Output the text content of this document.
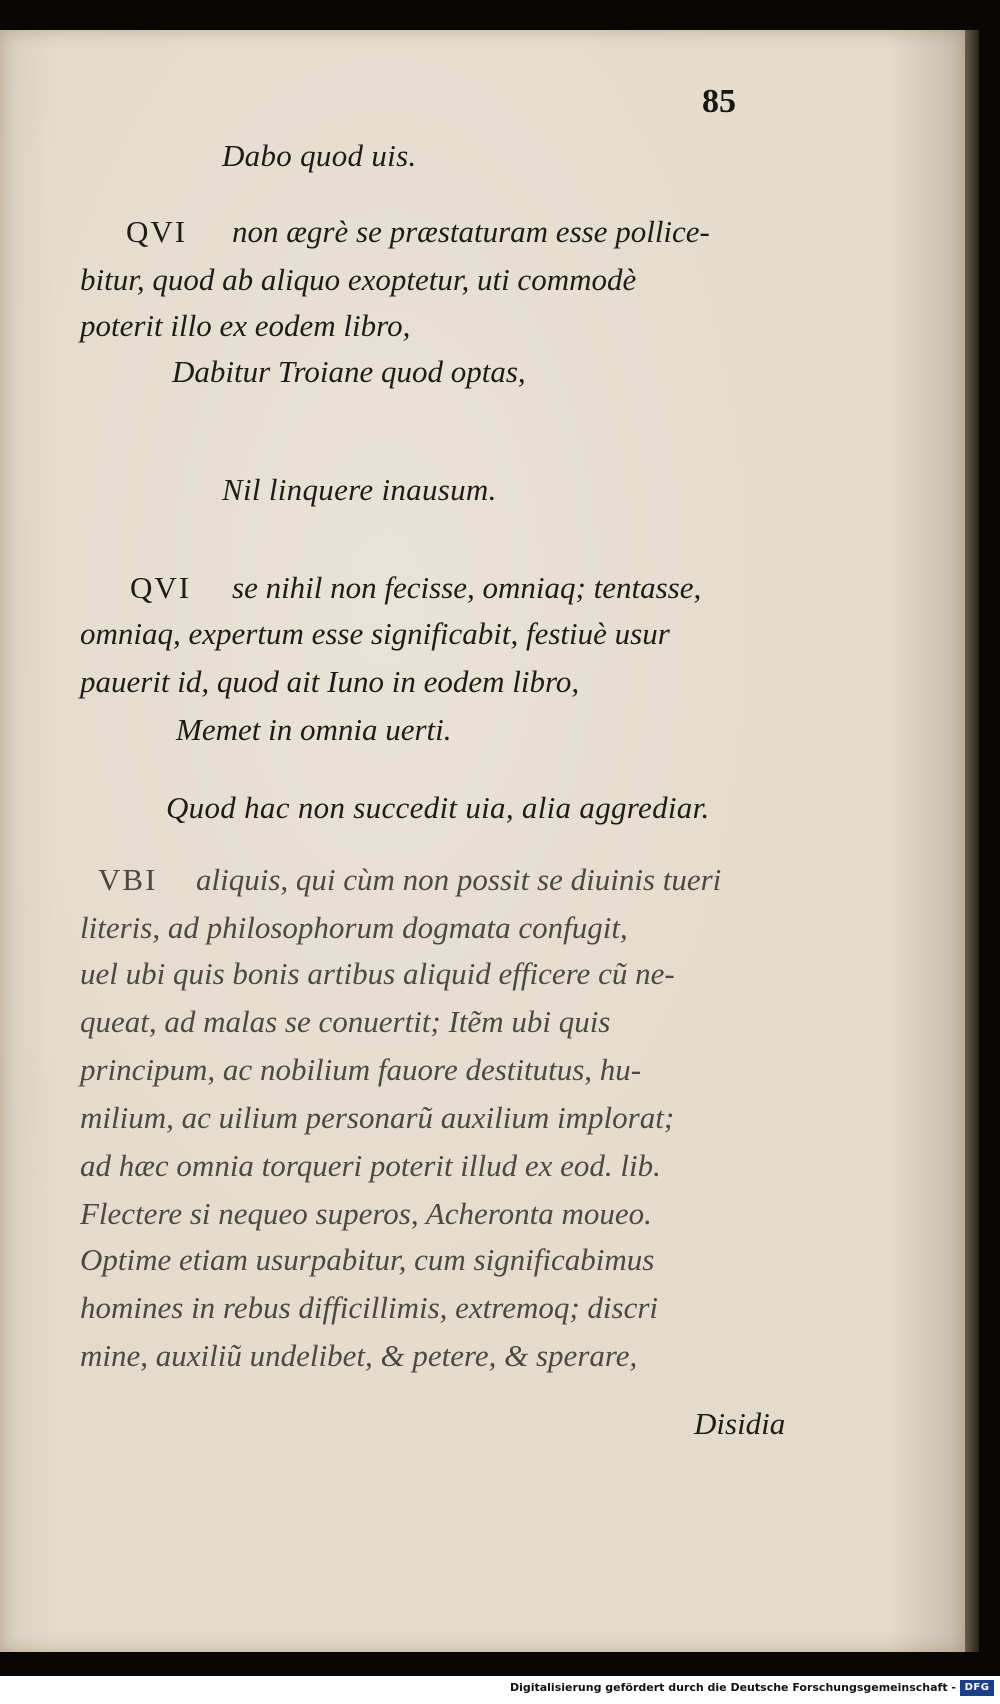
85
Dabo quod uis.
QVI non ægrè se præstaturam esse pollice-
bitur, quod ab aliquo exoptetur, uti commodè
poterit illo ex eodem libro,
Dabitur Troiane quod optas,
Nil linquere inausum.
QVI se nihil non fecisse, omniaq; tentasse,
omniaq, expertum esse significabit, festiuè usur
pauerit id, quod ait Iuno in eodem libro,
Memet in omnia uerti.
Quod hac non succedit uia, alia aggrediar.
VBI aliquis, qui cùm non possit se diuinis tueri
literis, ad philosophorum dogmata confugit,
uel ubi quis bonis artibus aliquid efficere cũ ne-
queat, ad malas se conuertit; Itẽm ubi quis
principum, ac nobilium fauore destitutus, hu-
milium, ac uilium personarũ auxilium implorat;
ad hæc omnia torqueri poterit illud ex eod. lib.
Flectere si nequeo superos, Acheronta moueo.
Optime etiam usurpabitur, cum significabimus
homines in rebus difficillimis, extremoq; discri
mine, auxiliũ undelibet, & petere, & sperare,
Disidia
Digitalisierung gefördert durch die Deutsche Forschungsgemeinschaft - DFG
